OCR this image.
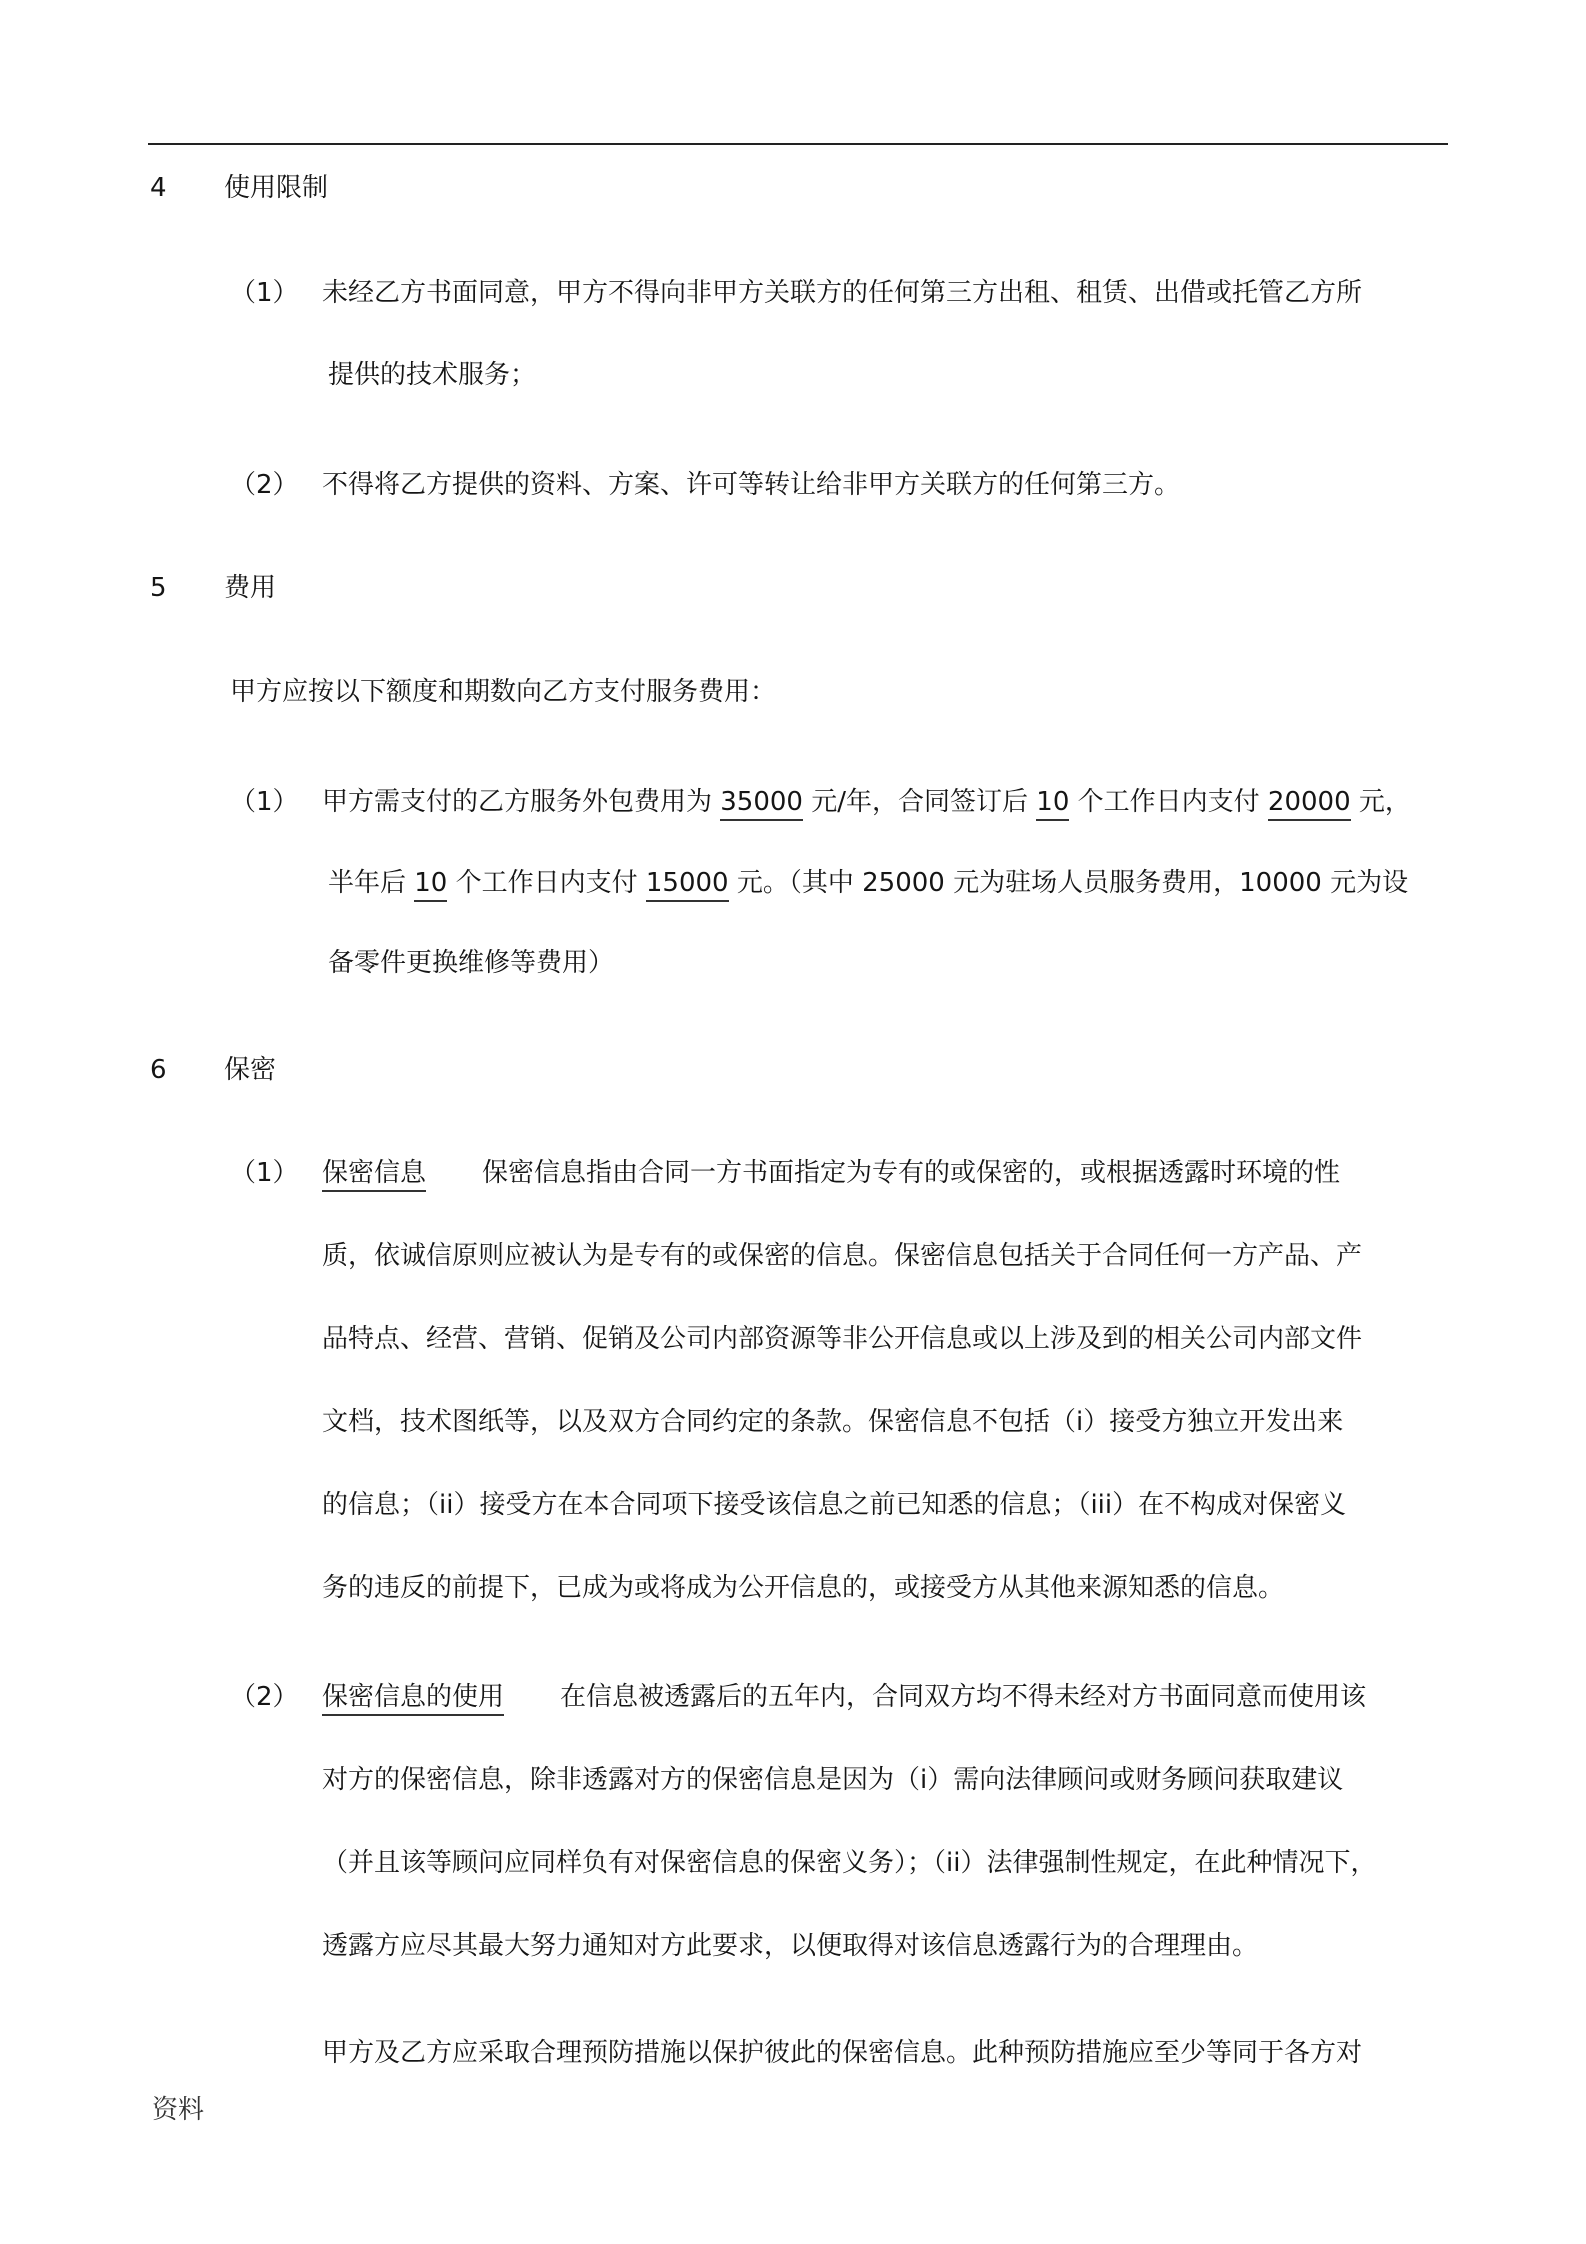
4 使用限制
（1） 未经乙方书面同意，甲方不得向非甲方关联方的任何第三方出租、租赁、出借或托管乙方所
提供的技术服务；
（2） 不得将乙方提供的资料、方案、许可等转让给非甲方关联方的任何第三方。
5 费用
甲方应按以下额度和期数向乙方支付服务费用：
（1） 甲方需支付的乙方服务外包费用为 35000 元/年，合同签订后 10 个工作日内支付 20000 元，
半年后 10 个工作日内支付 15000 元。（其中 25000 元为驻场人员服务费用，10000 元为设
备零件更换维修等费用）
6 保密
（1） 保密信息 保密信息指由合同一方书面指定为专有的或保密的，或根据透露时环境的性
质，依诚信原则应被认为是专有的或保密的信息。保密信息包括关于合同任何一方产品、产
品特点、经营、营销、促销及公司内部资源等非公开信息或以上涉及到的相关公司内部文件
文档，技术图纸等，以及双方合同约定的条款。保密信息不包括（i）接受方独立开发出来
的信息；（ii）接受方在本合同项下接受该信息之前已知悉的信息；（iii）在不构成对保密义
务的违反的前提下，已成为或将成为公开信息的，或接受方从其他来源知悉的信息。
（2） 保密信息的使用 在信息被透露后的五年内，合同双方均不得未经对方书面同意而使用该
对方的保密信息，除非透露对方的保密信息是因为（i）需向法律顾问或财务顾问获取建议
（并且该等顾问应同样负有对保密信息的保密义务）；（ii）法律强制性规定，在此种情况下，
透露方应尽其最大努力通知对方此要求，以便取得对该信息透露行为的合理理由。
甲方及乙方应采取合理预防措施以保护彼此的保密信息。此种预防措施应至少等同于各方对
资料
